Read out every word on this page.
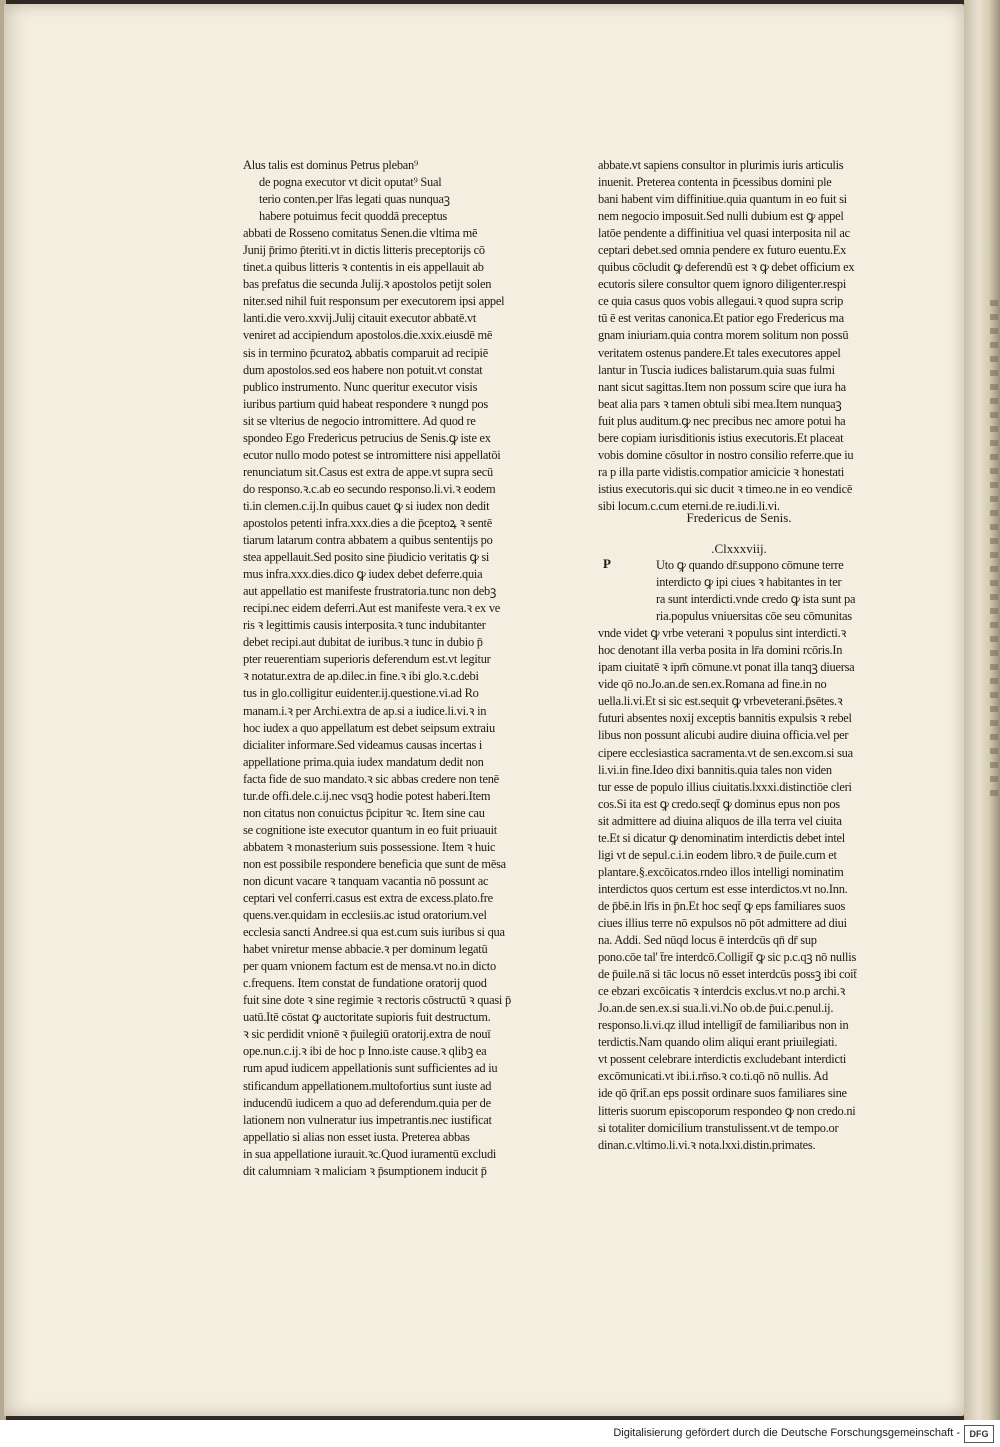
Alus talis est dominus Petrus pleban⁹
de pogna executor vt dicit oputat⁹ Sual
terio conten.per lr̄as legati quas nunquaꝫ
habere potuimus fecit quoddā preceptus
abbati de Rosseno comitatus Senen.die vltima mē
Junij p̄rimo p̄teriti.vt in dictis litteris preceptorijs cō
tinet.a quibus litteris ꝛ contentis in eis appellauit ab
bas prefatus die secunda Julij.ꝛ apostolos petijt solen
niter.sed nihil fuit responsum per executorem ipsi appel
lanti.die vero.xxvij.Julij citauit executor abbatē.vt
veniret ad accipiendum apostolos.die.xxix.eiusdē mē
sis in termino p̄curatoꝝ abbatis comparuit ad recipiē
dum apostolos.sed eos habere non potuit.vt constat
publico instrumento. Nunc queritur executor visis
iuribus partium quid habeat respondere ꝛ nungd pos
sit se vlterius de negocio intromittere. Ad quod re
spondeo Ego Fredericus petrucius de Senis.ꝙ iste ex
ecutor nullo modo potest se intromittere nisi appellatōi
renunciatum sit.Casus est extra de appe.vt supra secū
do responso.ꝛ.c.ab eo secundo responso.li.vi.ꝛ eodem
ti.in clemen.c.ij.In quibus cauet ꝙ si iudex non dedit
apostolos petenti infra.xxx.dies a die p̄ceptoꝝ ꝛ sentē
tiarum latarum contra abbatem a quibus sententijs po
stea appellauit.Sed posito sine p̄iudicio veritatis ꝙ si
mus infra.xxx.dies.dico ꝙ iudex debet deferre.quia
aut appellatio est manifeste frustratoria.tunc non debꝫ
recipi.nec eidem deferri.Aut est manifeste vera.ꝛ ex ve
ris ꝛ legittimis causis interposita.ꝛ tunc indubitanter
debet recipi.aut dubitat de iuribus.ꝛ tunc in dubio p̄
pter reuerentiam superioris deferendum est.vt legitur
ꝛ notatur.extra de ap.dilec.in fine.ꝛ ibi glo.ꝛ.c.debi
tus in glo.colligitur euidenter.ij.questione.vi.ad Ro
manam.i.ꝛ per Archi.extra de ap.si a iudice.li.vi.ꝛ in
hoc iudex a quo appellatum est debet seipsum extraiu
dicialiter informare.Sed videamus causas incertas i
appellatione prima.quia iudex mandatum dedit non
facta fide de suo mandato.ꝛ sic abbas credere non tenē
tur.de offi.dele.c.ij.nec vsqꝫ hodie potest haberi.Item
non citatus non conuictus p̄cipitur ꝛc. Item sine cau
se cognitione iste executor quantum in eo fuit priuauit
abbatem ꝛ monasterium suis possessione. Item ꝛ huic
non est possibile respondere beneficia que sunt de mēsa
non dicunt vacare ꝛ tanquam vacantia nō possunt ac
ceptari vel conferri.casus est extra de excess.plato.fre
quens.ver.quidam in ecclesiis.ac istud oratorium.vel
ecclesia sancti Andree.si qua est.cum suis iuribus si qua
habet vniretur mense abbacie.ꝛ per dominum legatū
per quam vnionem factum est de mensa.vt no.in dicto
c.frequens. Item constat de fundatione oratorij quod
fuit sine dote ꝛ sine regimie ꝛ rectoris cōstructū ꝛ quasi p̄
uatū.Itē cōstat ꝙ auctoritate supioris fuit destructum.
ꝛ sic perdidit vnionē ꝛ p̄uilegiū oratorij.extra de nouī
ope.nun.c.ij.ꝛ ibi de hoc p Inno.iste cause.ꝛ qlibꝫ ea
rum apud iudicem appellationis sunt sufficientes ad iu
stificandum appellationem.multofortius sunt iuste ad
inducendū iudicem a quo ad deferendum.quia per de
lationem non vulneratur ius impetrantis.nec iustificat
appellatio si alias non esset iusta. Preterea abbas
in sua appellatione iurauit.ꝛc.Quod iuramentū excludi
dit calumniam ꝛ maliciam ꝛ p̄sumptionem inducit p̄
abbate.vt sapiens consultor in plurimis iuris articulis
inuenit. Preterea contenta in p̄cessibus domini ple
bani habent vim diffinitiue.quia quantum in eo fuit si
nem negocio imposuit.Sed nulli dubium est ꝙ appel
latōe pendente a diffinitiua vel quasi interposita nil ac
ceptari debet.sed omnia pendere ex futuro euentu.Ex
quibus cōcludit ꝙ deferendū est ꝛ ꝙ debet officium ex
ecutoris silere consultor quem ignoro diligenter.respi
ce quia casus quos vobis allegaui.ꝛ quod supra scrip
tū ē est veritas canonica.Et patior ego Fredericus ma
gnam iniuriam.quia contra morem solitum non possū
veritatem ostenus pandere.Et tales executores appel
lantur in Tuscia iudices balistarum.quia suas fulmi
nant sicut sagittas.Item non possum scire que iura ha
beat alia pars ꝛ tamen obtuli sibi mea.Item nunquaꝫ
fuit plus auditum.ꝙ nec precibus nec amore potui ha
bere copiam iurisditionis istius executoris.Et placeat
vobis domine cōsultor in nostro consilio referre.que iu
ra p illa parte vidistis.compatior amicicie ꝛ honestati
istius executoris.qui sic ducit ꝛ timeo.ne in eo vendicē
sibi locum.c.cum eterni.de re.iudi.li.vi.
Fredericus de Senis.
.Clxxxviij.
P	Uto ꝙ quando dr̄.suppono cōmune terre
interdicto ꝙ ipi ciues ꝛ habitantes in ter
ra sunt interdicti.vnde credo ꝙ ista sunt pa
ria.populus vniuersitas cōe seu cōmunitas
vnde videt ꝙ vrbe veterani ꝛ populus sint interdicti.ꝛ
hoc denotant illa verba posita in lr̄a domini rcōris.In
ipam ciuitatē ꝛ ipm̄ cōmune.vt ponat illa tanqꝫ diuersa
vide qō no.Jo.an.de sen.ex.Romana ad fine.in no
uella.li.vi.Et si sic est.sequit ꝙ vrbeveterani.p̄sētes.ꝛ
futuri absentes noxij exceptis bannitis expulsis ꝛ rebel
libus non possunt alicubi audire diuina officia.vel per
cipere ecclesiastica sacramenta.vt de sen.excom.si sua
li.vi.in fine.Ideo dixi bannitis.quia tales non viden
tur esse de populo illius ciuitatis.lxxxi.distinctiōe cleri
cos.Si ita est ꝙ credo.seqt̄ ꝙ dominus epus non pos
sit admittere ad diuina aliquos de illa terra vel ciuita
te.Et si dicatur ꝙ denominatim interdictis debet intel
ligi vt de sepul.c.i.in eodem libro.ꝛ de p̄uile.cum et
plantare.§.excōicatos.rndeo illos intelligi nominatim
interdictos quos certum est esse interdictos.vt no.Inn.
de p̄bē.in lr̄is in p̄n.Et hoc seqt̄ ꝙ eps familiares suos
ciues illius terre nō expulsos nō pōt admittere ad diui
na. Addi. Sed nūqd locus ē interdcūs qn̄ dr̄ sup
pono.cōe tal' t̄re interdcō.Colligit̄ ꝙ sic p.c.qꝫ nō nullis
de p̄uile.nā si tāc locus nō esset interdcūs possꝫ ibi coit̄
ce ebzari excōicatis ꝛ interdcis exclus.vt no.p archi.ꝛ
Jo.an.de sen.ex.si sua.li.vi.No ob.de p̄ui.c.penul.ij.
responso.li.vi.qz illud intelligit̄ de familiaribus non in
terdictis.Nam quando olim aliqui erant priuilegiati.
vt possent celebrare interdictis excludebant interdicti
excōmunicati.vt ibi.i.rn̄so.ꝛ co.ti.qō nō nullis. Ad
ide qō q̄rit̄.an eps possit ordinare suos familiares sine
litteris suorum episcoporum respondeo ꝙ non credo.ni
si totaliter domicilium transtulissent.vt de tempo.or
dinan.c.vltimo.li.vi.ꝛ nota.lxxi.distin.primates.
Digitalisierung gefördert durch die Deutsche Forschungsgemeinschaft -	DFG
